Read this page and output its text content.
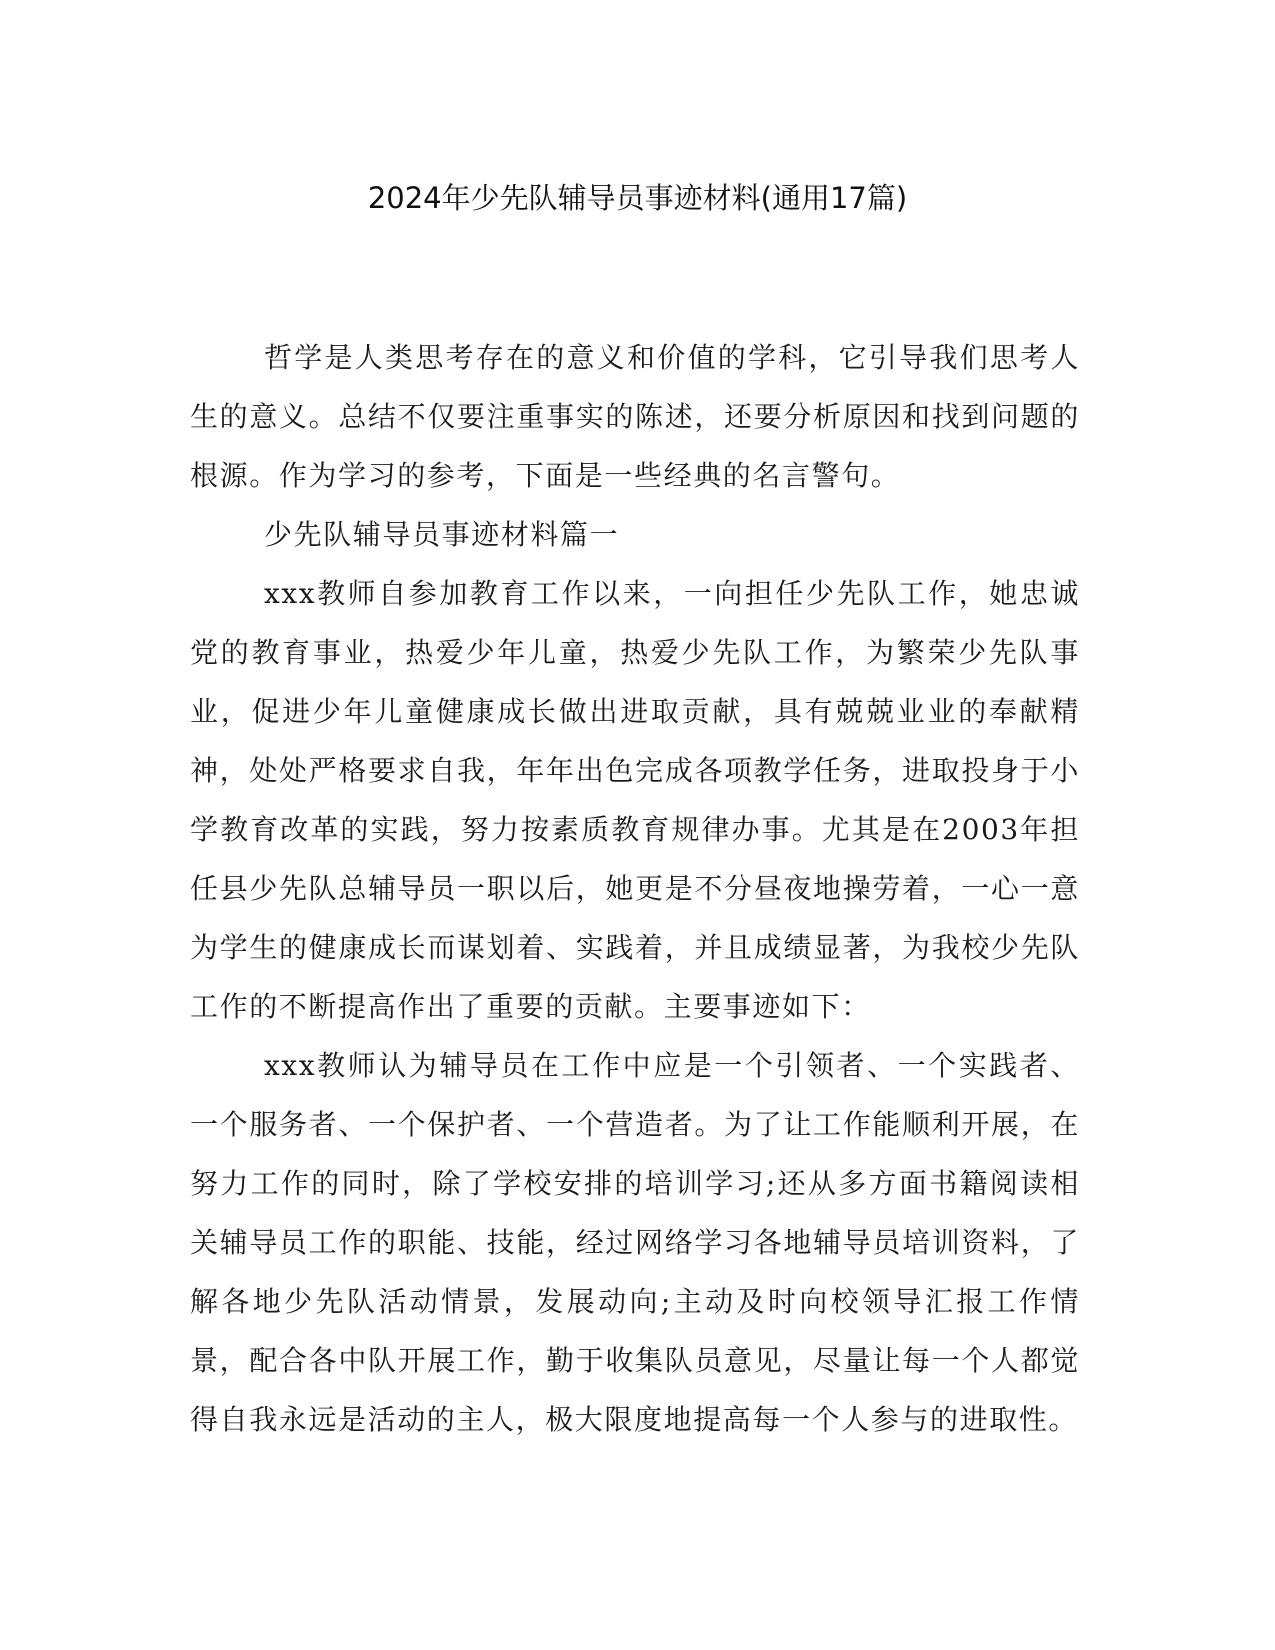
2024年少先队辅导员事迹材料(通用17篇)

哲学是人类思考存在的意义和价值的学科，它引导我们思考人生的意义。总结不仅要注重事实的陈述，还要分析原因和找到问题的根源。作为学习的参考，下面是一些经典的名言警句。

少先队辅导员事迹材料篇一

xxx教师自参加教育工作以来，一向担任少先队工作，她忠诚党的教育事业，热爱少年儿童，热爱少先队工作，为繁荣少先队事业，促进少年儿童健康成长做出进取贡献，具有兢兢业业的奉献精神，处处严格要求自我，年年出色完成各项教学任务，进取投身于小学教育改革的实践，努力按素质教育规律办事。尤其是在2003年担任县少先队总辅导员一职以后，她更是不分昼夜地操劳着，一心一意为学生的健康成长而谋划着、实践着，并且成绩显著，为我校少先队工作的不断提高作出了重要的贡献。主要事迹如下：

xxx教师认为辅导员在工作中应是一个引领者、一个实践者、一个服务者、一个保护者、一个营造者。为了让工作能顺利开展，在努力工作的同时，除了学校安排的培训学习;还从多方面书籍阅读相关辅导员工作的职能、技能，经过网络学习各地辅导员培训资料，了解各地少先队活动情景，发展动向;主动及时向校领导汇报工作情景，配合各中队开展工作，勤于收集队员意见，尽量让每一个人都觉得自我永远是活动的主人，极大限度地提高每一个人参与的进取性。
